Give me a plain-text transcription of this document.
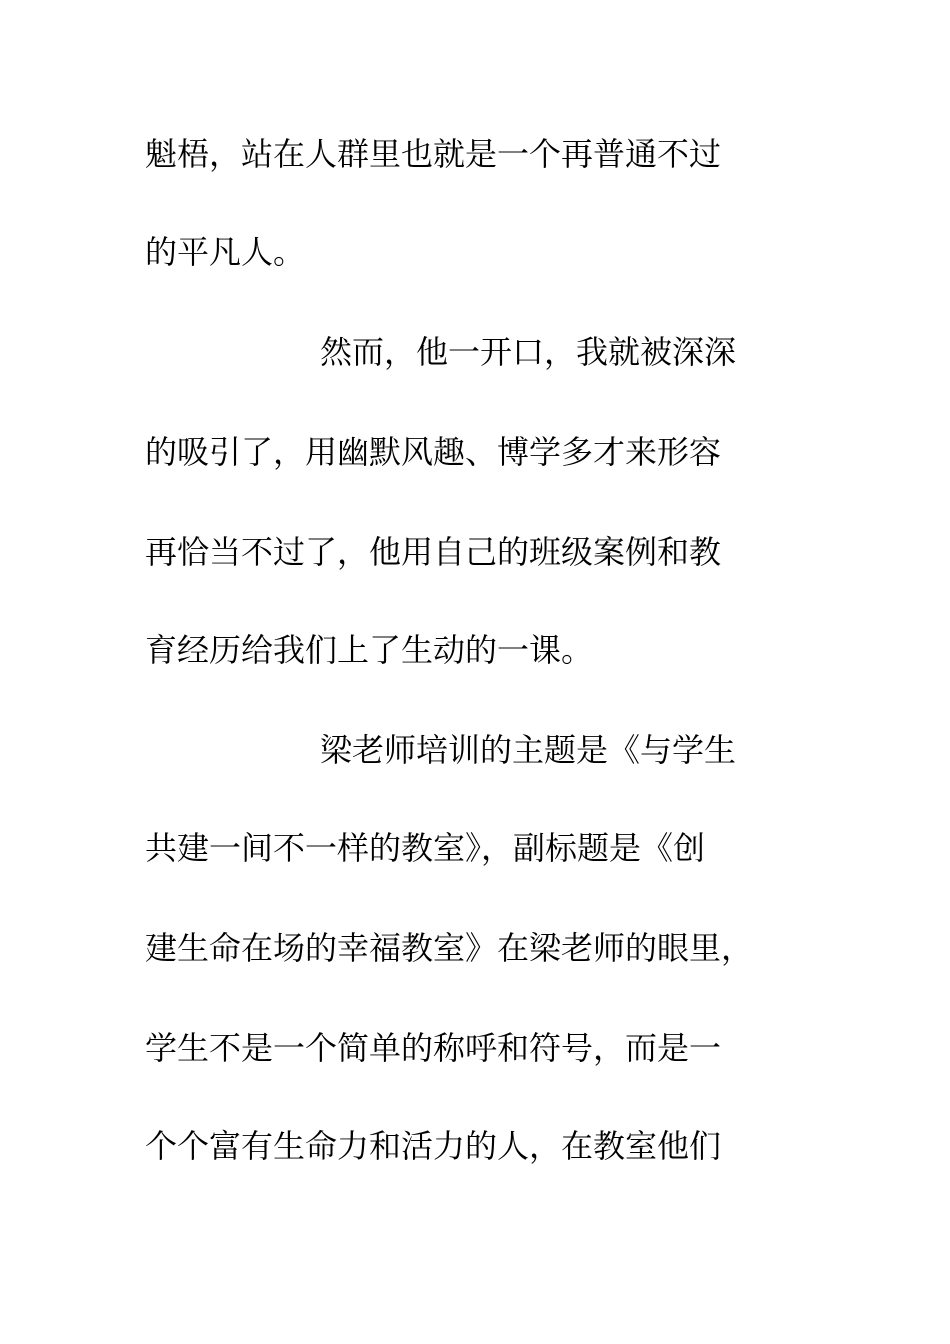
魁梧，站在人群里也就是一个再普通不过
的平凡人。
然而，他一开口，我就被深深
的吸引了，用幽默风趣、博学多才来形容
再恰当不过了，他用自己的班级案例和教
育经历给我们上了生动的一课。
梁老师培训的主题是《与学生
共建一间不一样的教室》，副标题是《创
建生命在场的幸福教室》在梁老师的眼里，
学生不是一个简单的称呼和符号，而是一
个个富有生命力和活力的人，在教室他们
